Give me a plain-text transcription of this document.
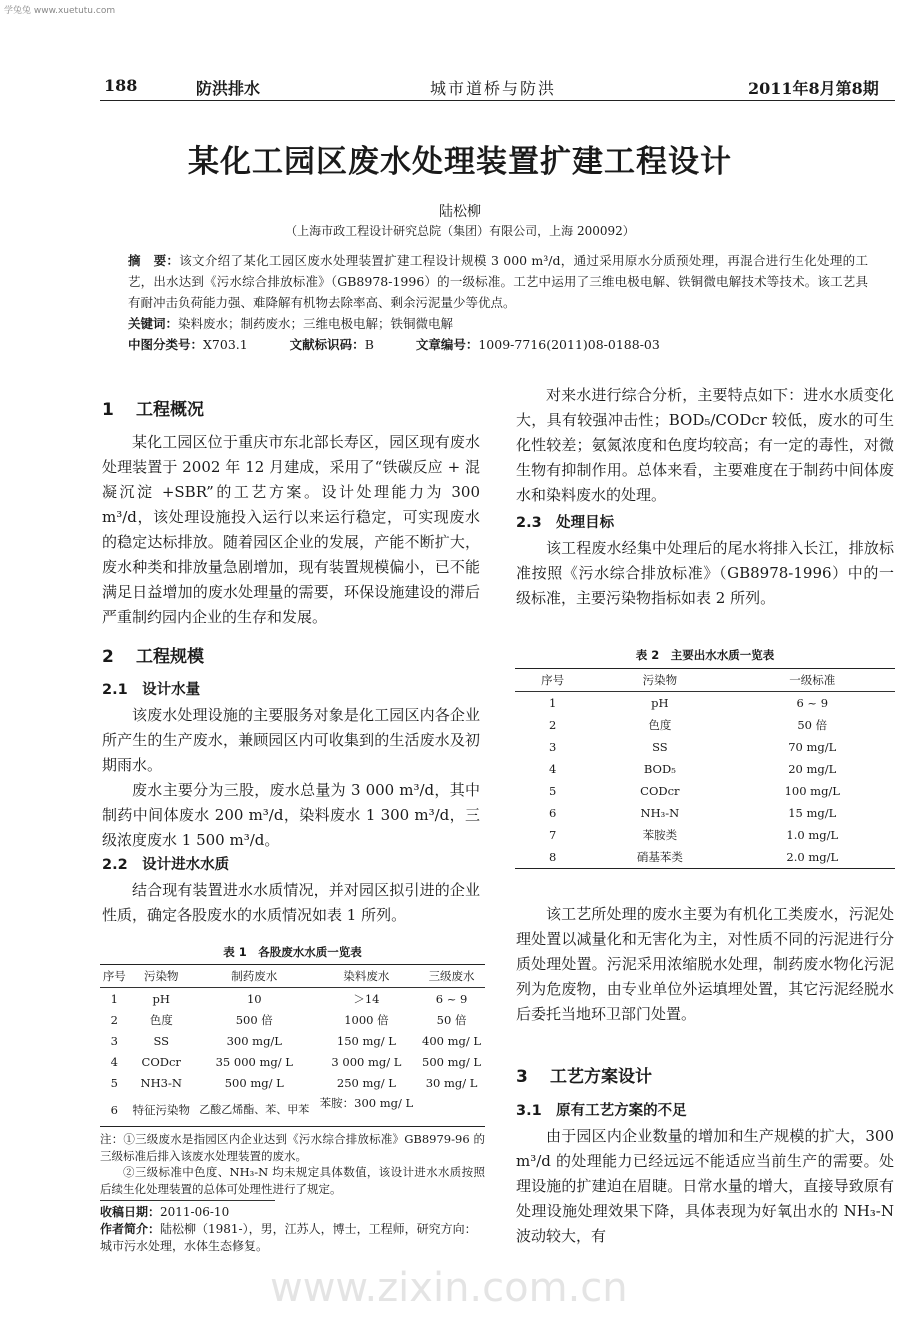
学兔兔 www.xuetutu.com
188	防洪排水	城市道桥与防洪	2011年8月第8期
某化工园区废水处理装置扩建工程设计
陆松柳
（上海市政工程设计研究总院（集团）有限公司，上海 200092）
摘　要：该文介绍了某化工园区废水处理装置扩建工程设计规模 3 000 m³/d，通过采用原水分质预处理，再混合进行生化处理的工艺，出水达到《污水综合排放标准》（GB8978-1996）的一级标准。工艺中运用了三维电极电解、铁铜微电解技术等技术。该工艺具有耐冲击负荷能力强、难降解有机物去除率高、剩余污泥量少等优点。
关键词：染料废水；制药废水；三维电极电解；铁铜微电解
中图分类号：X703.1	文献标识码：B	文章编号：1009-7716(2011)08-0188-03
1 工程概况

某化工园区位于重庆市东北部长寿区，园区现有废水处理装置于 2002 年 12 月建成，采用了“铁碳反应 + 混凝沉淀 +SBR”的工艺方案。设计处理能力为 300 m³/d，该处理设施投入运行以来运行稳定，可实现废水的稳定达标排放。随着园区企业的发展，产能不断扩大，废水种类和排放量急剧增加，现有装置规模偏小，已不能满足日益增加的废水处理量的需要，环保设施建设的滞后严重制约园内企业的生存和发展。

2 工程规模
2.1　设计水量

该废水处理设施的主要服务对象是化工园区内各企业所产生的生产废水，兼顾园区内可收集到的生活废水及初期雨水。

废水主要分为三股，废水总量为 3 000 m³/d，其中制药中间体废水 200 m³/d，染料废水 1 300 m³/d，三级浓度废水 1 500 m³/d。

2.2　设计进水水质

结合现有装置进水水质情况，并对园区拟引进的企业性质，确定各股废水的水质情况如表 1 所列。

表 1　各股废水水质一览表
序号	污染物	制药废水	染料废水	三级废水
1	pH	10	＞14	6 ~ 9
2	色度	500 倍	1000 倍	50 倍
3	SS	300 mg/L	150 mg/ L	400 mg/ L
4	CODcr	35 000 mg/ L	3 000 mg/ L	500 mg/ L
5	NH3-N	500 mg/ L	250 mg/ L	30 mg/ L
6	特征污染物	乙酸乙烯酯、苯、甲苯	苯胺：300 mg/ L	
注：①三级废水是指园区内企业达到《污水综合排放标准》GB8979-96 的三级标准后排入该废水处理装置的废水。
②三级标准中色度、NH₃-N 均未规定具体数值，该设计进水水质按照后续生化处理装置的总体可处理性进行了规定。
收稿日期：2011-06-10
作者简介：陆松柳（1981-），男，江苏人，博士，工程师，研究方向：城市污水处理，水体生态修复。

对来水进行综合分析，主要特点如下：进水水质变化大，具有较强冲击性；BOD₅/CODcr 较低，废水的可生化性较差；氨氮浓度和色度均较高；有一定的毒性，对微生物有抑制作用。总体来看，主要难度在于制药中间体废水和染料废水的处理。

2.3　处理目标

该工程废水经集中处理后的尾水将排入长江，排放标准按照《污水综合排放标准》（GB8978-1996）中的一级标准，主要污染物指标如表 2 所列。

表 2　主要出水水质一览表
序号	污染物	一级标准
1	pH	6 ~ 9
2	色度	50 倍
3	SS	70 mg/L
4	BOD₅	20 mg/L
5	CODcr	100 mg/L
6	NH₃-N	15 mg/L
7	苯胺类	1.0 mg/L
8	硝基苯类	2.0 mg/L

该工艺所处理的废水主要为有机化工类废水，污泥处理处置以减量化和无害化为主，对性质不同的污泥进行分质处理处置。污泥采用浓缩脱水处理，制药废水物化污泥列为危废物，由专业单位外运填埋处置，其它污泥经脱水后委托当地环卫部门处置。

3 工艺方案设计
3.1　原有工艺方案的不足

由于园区内企业数量的增加和生产规模的扩大，300 m³/d 的处理能力已经远远不能适应当前生产的需要。处理设施的扩建迫在眉睫。日常水量的增大，直接导致原有处理设施处理效果下降，具体表现为好氧出水的 NH₃-N 波动较大，有

www.zixin.com.cn
